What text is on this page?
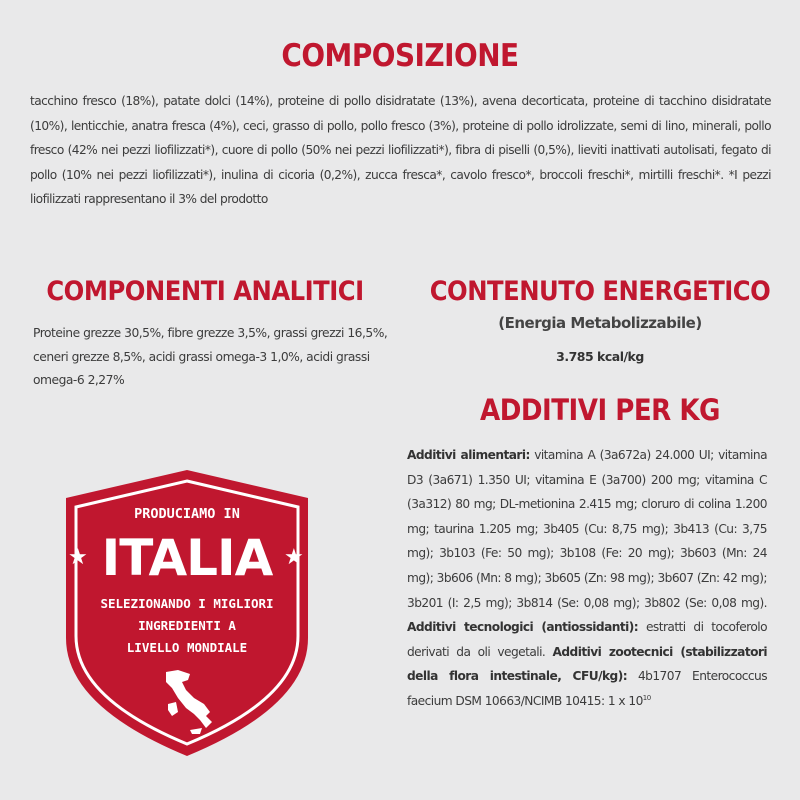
COMPOSIZIONE

tacchino fresco (18%), patate dolci (14%), proteine di pollo disidratate (13%), avena decorticata, proteine di tacchino disidratate (10%), lenticchie, anatra fresca (4%), ceci, grasso di pollo, pollo fresco (3%), proteine di pollo idrolizzate, semi di lino, minerali, pollo fresco (42% nei pezzi liofilizzati*), cuore di pollo (50% nei pezzi liofilizzati*), fibra di piselli (0,5%), lieviti inattivati autolisati, fegato di pollo (10% nei pezzi liofilizzati*), inulina di cicoria (0,2%), zucca fresca*, cavolo fresco*, broccoli freschi*, mirtilli freschi*. *I pezzi liofilizzati rappresentano il 3% del prodotto

COMPONENTI ANALITICI

Proteine grezze 30,5%, fibre grezze 3,5%, grassi grezzi 16,5%, ceneri grezze 8,5%, acidi grassi omega-3 1,0%, acidi grassi omega-6 2,27%

CONTENUTO ENERGETICO

(Energia Metabolizzabile)

3.785 kcal/kg

ADDITIVI PER KG

Additivi alimentari: vitamina A (3a672a) 24.000 UI; vitamina D3 (3a671) 1.350 UI; vitamina E (3a700) 200 mg; vitamina C (3a312) 80 mg; DL-metionina 2.415 mg; cloruro di colina 1.200 mg; taurina 1.205 mg; 3b405 (Cu: 8,75 mg); 3b413 (Cu: 3,75 mg); 3b103 (Fe: 50 mg); 3b108 (Fe: 20 mg); 3b603 (Mn: 24 mg); 3b606 (Mn: 8 mg); 3b605 (Zn: 98 mg); 3b607 (Zn: 42 mg); 3b201 (I: 2,5 mg); 3b814 (Se: 0,08 mg); 3b802 (Se: 0,08 mg). Additivi tecnologici (antiossidanti): estratti di tocoferolo derivati da oli vegetali. Additivi zootecnici (stabilizzatori della flora intestinale, CFU/kg): 4b1707 Enterococcus faecium DSM 10663/NCIMB 10415: 1 x $10^{10}$

PRODUCIAMO IN

★ ITALIA ★

SELEZIONANDO I MIGLIORI

INGREDIENTI A

LIVELLO MONDIALE
